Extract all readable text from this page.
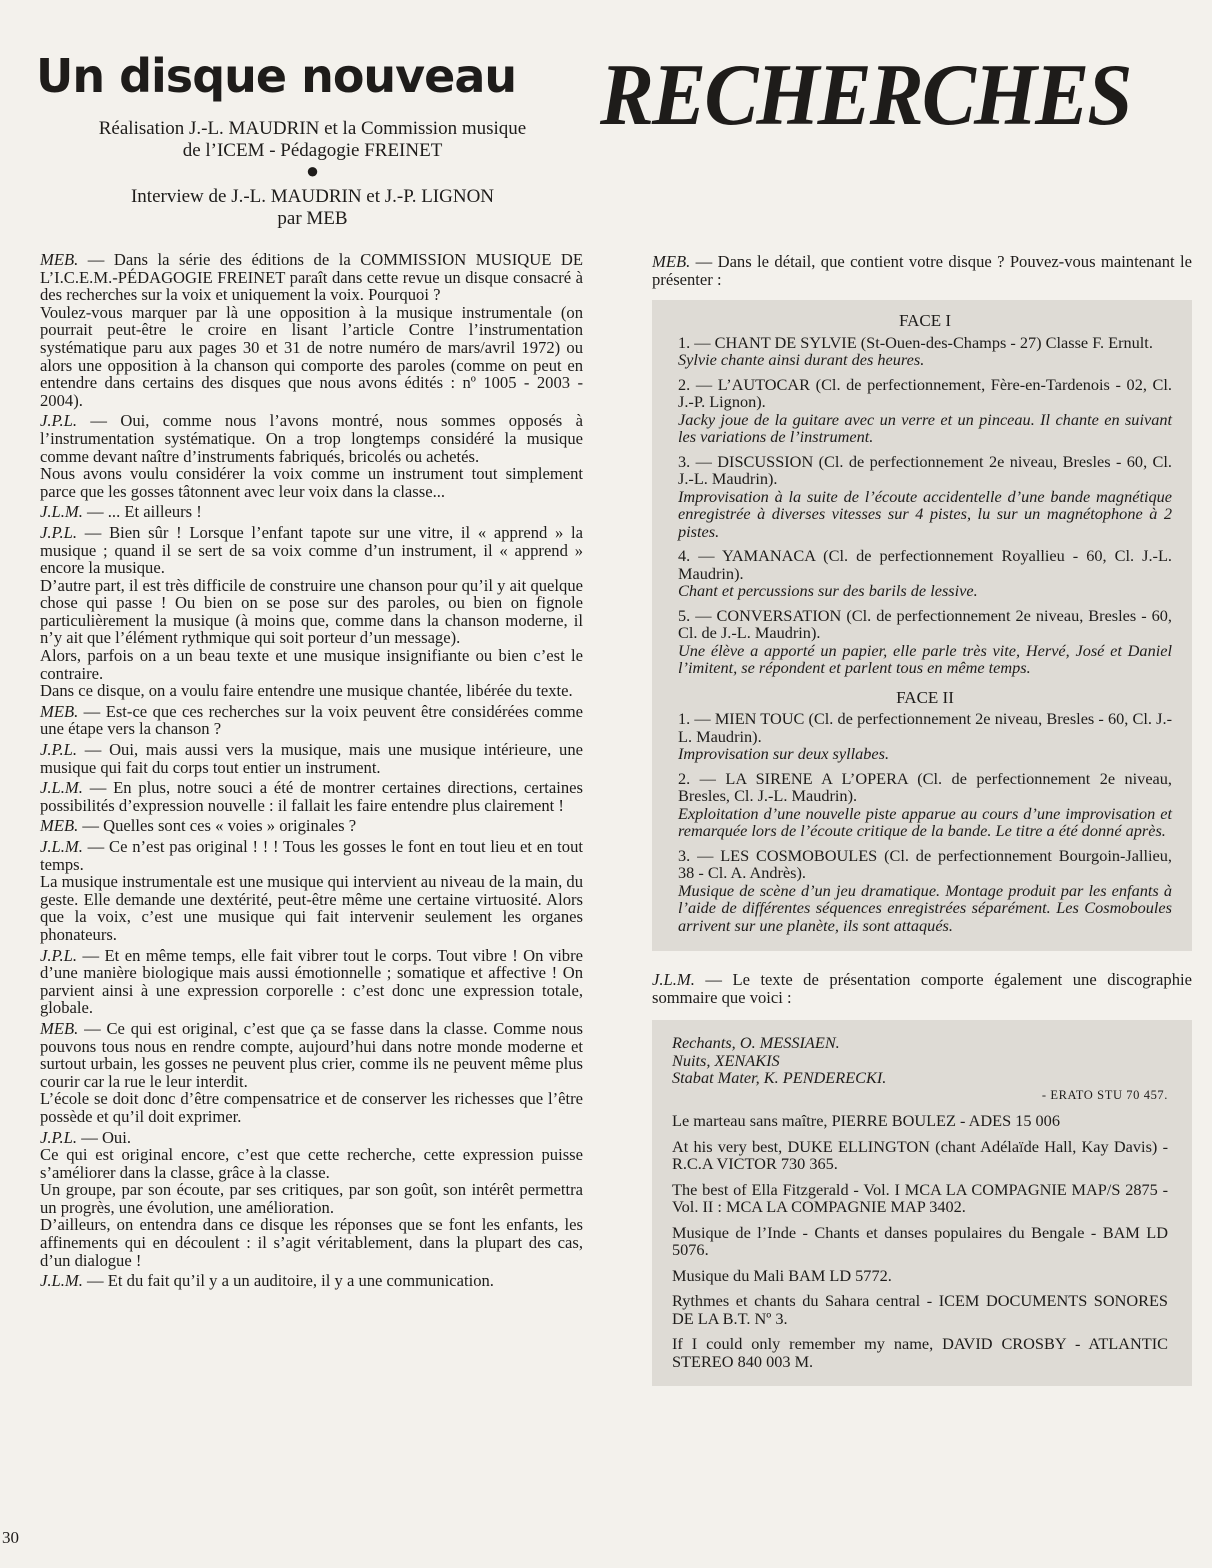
Un disque nouveau RECHERCHES
Réalisation J.-L. MAUDRIN et la Commission musique
de l’ICEM - Pédagogie FREINET
●
Interview de J.-L. MAUDRIN et J.-P. LIGNON
par MEB

MEB. — Dans la série des éditions de la COMMISSION MUSIQUE DE L’I.C.E.M.-PÉDAGOGIE FREINET paraît dans cette revue un disque consacré à des recherches sur la voix et uniquement la voix. Pourquoi ?

Voulez-vous marquer par là une opposition à la musique instrumentale (on pourrait peut-être le croire en lisant l’article Contre l’instrumentation systématique paru aux pages 30 et 31 de notre numéro de mars/avril 1972) ou alors une opposition à la chanson qui comporte des paroles (comme on peut en entendre dans certains des disques que nous avons édités : nº 1005 - 2003 - 2004).

J.P.L. — Oui, comme nous l’avons montré, nous sommes opposés à l’instrumentation systématique. On a trop longtemps considéré la musique comme devant naître d’instruments fabriqués, bricolés ou achetés.

Nous avons voulu considérer la voix comme un instrument tout simplement parce que les gosses tâtonnent avec leur voix dans la classe...

J.L.M. — ... Et ailleurs !

J.P.L. — Bien sûr ! Lorsque l’enfant tapote sur une vitre, il « apprend » la musique ; quand il se sert de sa voix comme d’un instrument, il « apprend » encore la musique.

D’autre part, il est très difficile de construire une chanson pour qu’il y ait quelque chose qui passe ! Ou bien on se pose sur des paroles, ou bien on fignole particulièrement la musique (à moins que, comme dans la chanson moderne, il n’y ait que l’élément rythmique qui soit porteur d’un message).

Alors, parfois on a un beau texte et une musique insignifiante ou bien c’est le contraire.

Dans ce disque, on a voulu faire entendre une musique chantée, libérée du texte.

MEB. — Est-ce que ces recherches sur la voix peuvent être considérées comme une étape vers la chanson ?

J.P.L. — Oui, mais aussi vers la musique, mais une musique intérieure, une musique qui fait du corps tout entier un instrument.

J.L.M. — En plus, notre souci a été de montrer certaines directions, certaines possibilités d’expression nouvelle : il fallait les faire entendre plus clairement !

MEB. — Quelles sont ces « voies » originales ?

J.L.M. — Ce n’est pas original ! ! ! Tous les gosses le font en tout lieu et en tout temps.

La musique instrumentale est une musique qui intervient au niveau de la main, du geste. Elle demande une dextérité, peut-être même une certaine virtuosité. Alors que la voix, c’est une musique qui fait intervenir seulement les organes phonateurs.

J.P.L. — Et en même temps, elle fait vibrer tout le corps. Tout vibre ! On vibre d’une manière biologique mais aussi émotionnelle ; somatique et affective ! On parvient ainsi à une expression corporelle : c’est donc une expression totale, globale.

MEB. — Ce qui est original, c’est que ça se fasse dans la classe. Comme nous pouvons tous nous en rendre compte, aujourd’hui dans notre monde moderne et surtout urbain, les gosses ne peuvent plus crier, comme ils ne peuvent même plus courir car la rue le leur interdit.

L’école se doit donc d’être compensatrice et de conserver les richesses que l’être possède et qu’il doit exprimer.

J.P.L. — Oui.

Ce qui est original encore, c’est que cette recherche, cette expression puisse s’améliorer dans la classe, grâce à la classe.

Un groupe, par son écoute, par ses critiques, par son goût, son intérêt permettra un progrès, une évolution, une amélioration.

D’ailleurs, on entendra dans ce disque les réponses que se font les enfants, les affinements qui en découlent : il s’agit véritablement, dans la plupart des cas, d’un dialogue !

J.L.M. — Et du fait qu’il y a un auditoire, il y a une communication.

MEB. — Dans le détail, que contient votre disque ? Pouvez-vous maintenant le présenter :

FACE I
1. — CHANT DE SYLVIE (St-Ouen-des-Champs - 27) Classe F. Ernult.
Sylvie chante ainsi durant des heures.
2. — L’AUTOCAR (Cl. de perfectionnement, Fère-en-Tardenois - 02, Cl. J.-P. Lignon).
Jacky joue de la guitare avec un verre et un pinceau. Il chante en suivant les variations de l’instrument.
3. — DISCUSSION (Cl. de perfectionnement 2e niveau, Bresles - 60, Cl. J.-L. Maudrin).
Improvisation à la suite de l’écoute accidentelle d’une bande magnétique enregistrée à diverses vitesses sur 4 pistes, lu sur un magnétophone à 2 pistes.
4. — YAMANACA (Cl. de perfectionnement Royallieu - 60, Cl. J.-L. Maudrin).
Chant et percussions sur des barils de lessive.
5. — CONVERSATION (Cl. de perfectionnement 2e niveau, Bresles - 60, Cl. de J.-L. Maudrin).
Une élève a apporté un papier, elle parle très vite, Hervé, José et Daniel l’imitent, se répondent et parlent tous en même temps.
FACE II
1. — MIEN TOUC (Cl. de perfectionnement 2e niveau, Bresles - 60, Cl. J.-L. Maudrin).
Improvisation sur deux syllabes.
2. — LA SIRENE A L’OPERA (Cl. de perfectionnement 2e niveau, Bresles, Cl. J.-L. Maudrin).
Exploitation d’une nouvelle piste apparue au cours d’une improvisation et remarquée lors de l’écoute critique de la bande. Le titre a été donné après.
3. — LES COSMOBOULES (Cl. de perfectionnement Bourgoin-Jallieu, 38 - Cl. A. Andrès).
Musique de scène d’un jeu dramatique. Montage produit par les enfants à l’aide de différentes séquences enregistrées séparément. Les Cosmoboules arrivent sur une planète, ils sont attaqués.

J.L.M. — Le texte de présentation comporte également une discographie sommaire que voici :

Rechants, O. MESSIAEN.
Nuits, XENAKIS
Stabat Mater, K. PENDERECKI.
- ERATO STU 70 457.
Le marteau sans maître, PIERRE BOULEZ - ADES 15 006
At his very best, DUKE ELLINGTON (chant Adélaïde Hall, Kay Davis) - R.C.A VICTOR 730 365.
The best of Ella Fitzgerald - Vol. I MCA LA COMPAGNIE MAP/S 2875 - Vol. II : MCA LA COMPAGNIE MAP 3402.
Musique de l’Inde - Chants et danses populaires du Bengale - BAM LD 5076.
Musique du Mali BAM LD 5772.
Rythmes et chants du Sahara central - ICEM DOCUMENTS SONORES DE LA B.T. Nº 3.
If I could only remember my name, DAVID CROSBY - ATLANTIC STEREO 840 003 M.
30
